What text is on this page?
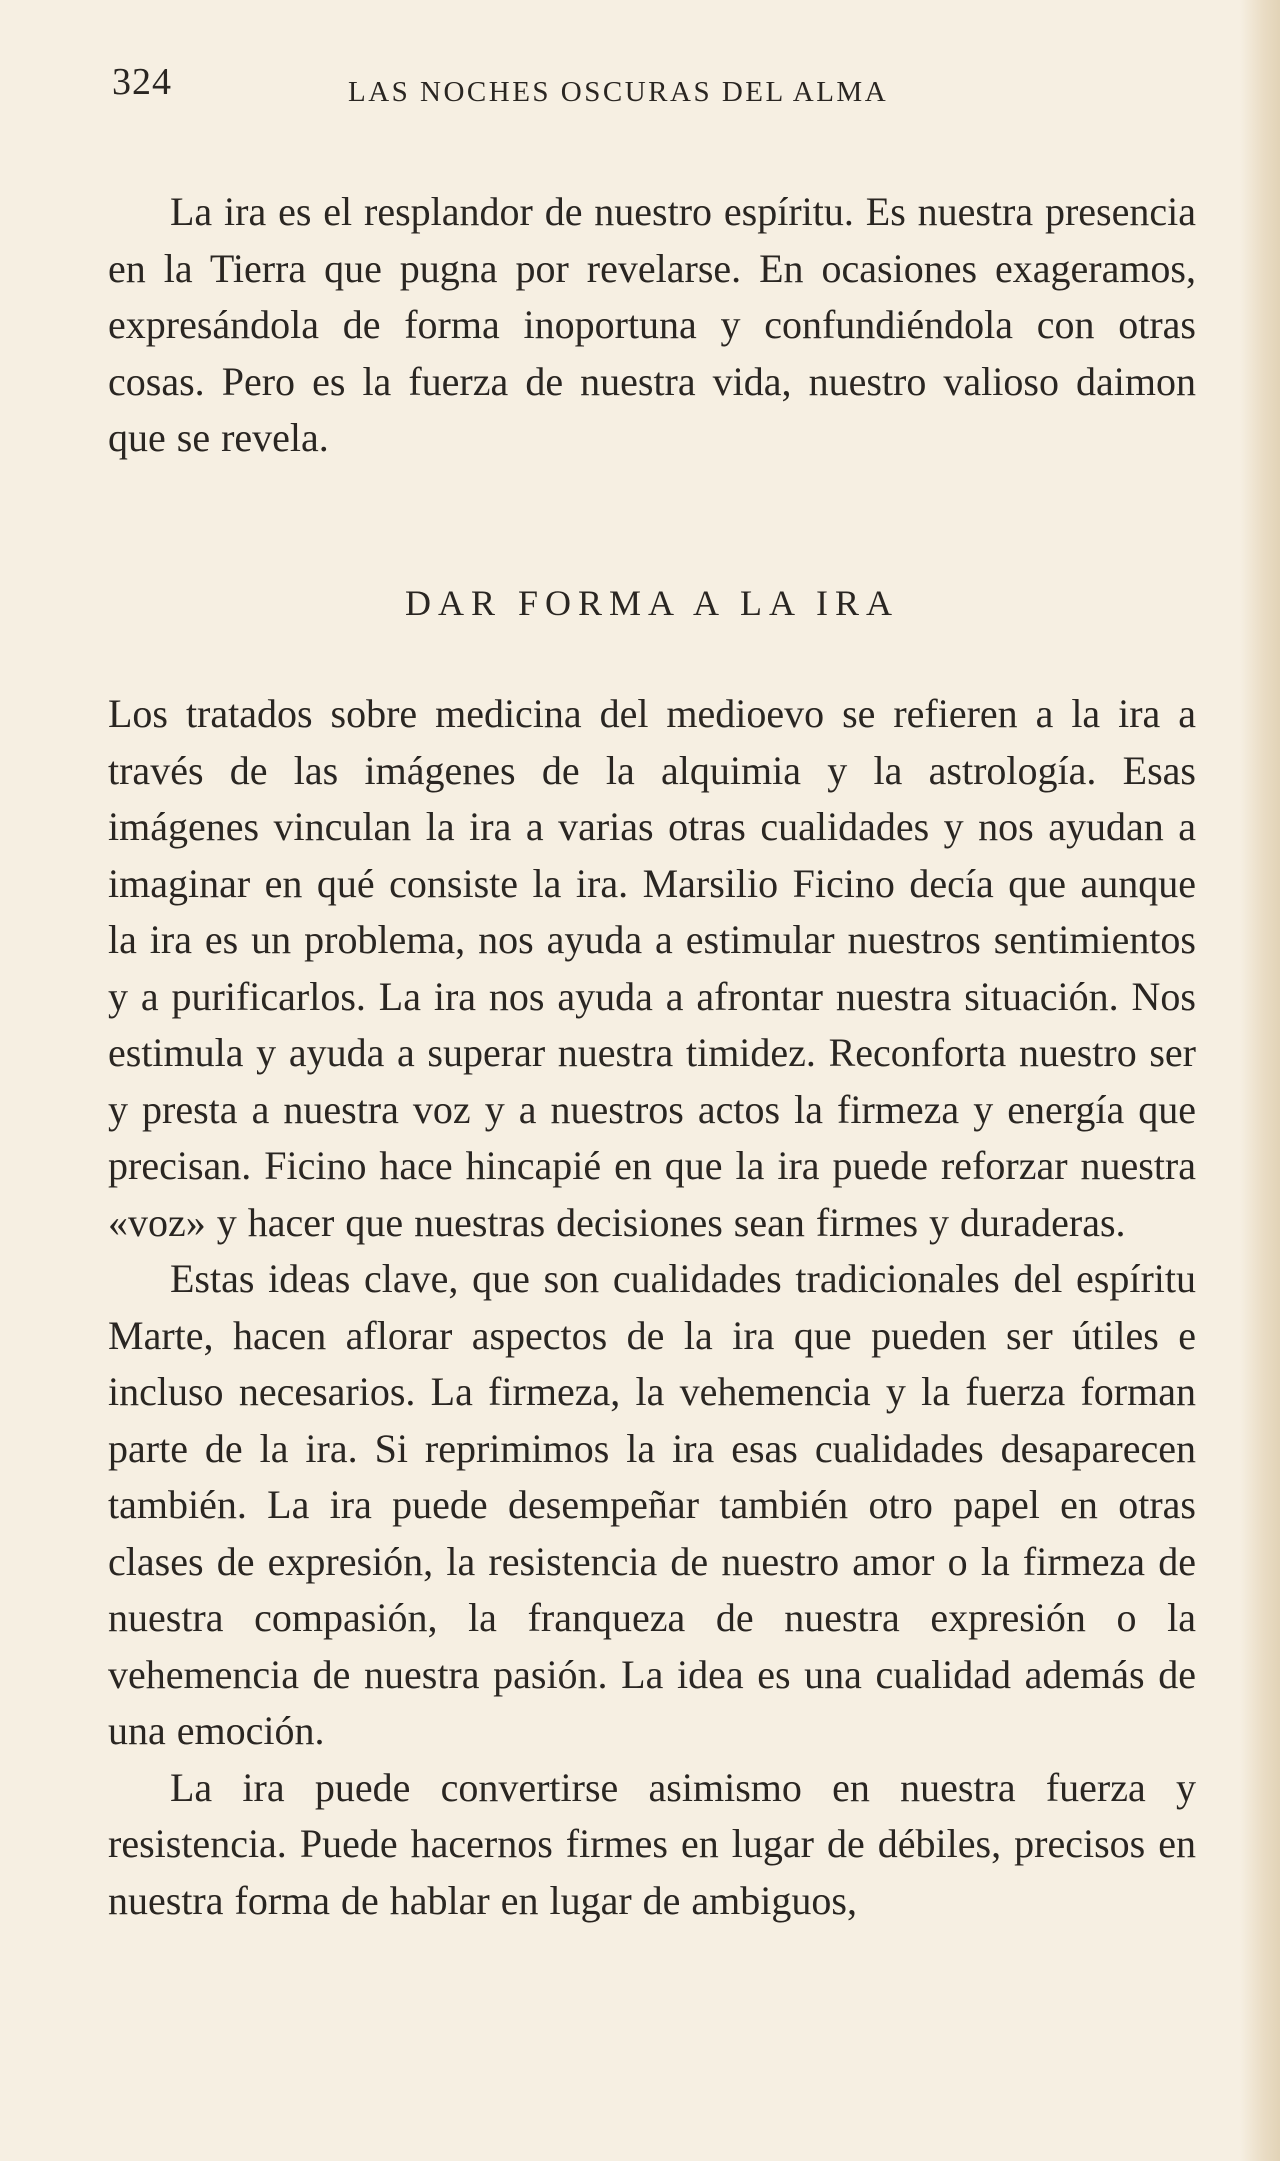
324	LAS NOCHES OSCURAS DEL ALMA

La ira es el resplandor de nuestro espíritu. Es nuestra presencia en la Tierra que pugna por revelarse. En ocasiones exageramos, expresándola de forma inoportuna y confundiéndola con otras cosas. Pero es la fuerza de nuestra vida, nuestro valioso daimon que se revela.

DAR FORMA A LA IRA

Los tratados sobre medicina del medioevo se refieren a la ira a través de las imágenes de la alquimia y la astrología. Esas imágenes vinculan la ira a varias otras cualidades y nos ayudan a imaginar en qué consiste la ira. Marsilio Ficino decía que aunque la ira es un problema, nos ayuda a estimular nuestros sentimientos y a purificarlos. La ira nos ayuda a afrontar nuestra situación. Nos estimula y ayuda a superar nuestra timidez. Reconforta nuestro ser y presta a nuestra voz y a nuestros actos la firmeza y energía que precisan. Ficino hace hincapié en que la ira puede reforzar nuestra «voz» y hacer que nuestras decisiones sean firmes y duraderas.

Estas ideas clave, que son cualidades tradicionales del espíritu Marte, hacen aflorar aspectos de la ira que pueden ser útiles e incluso necesarios. La firmeza, la vehemencia y la fuerza forman parte de la ira. Si reprimimos la ira esas cualidades desaparecen también. La ira puede desempeñar también otro papel en otras clases de expresión, la resistencia de nuestro amor o la firmeza de nuestra compasión, la franqueza de nuestra expresión o la vehemencia de nuestra pasión. La idea es una cualidad además de una emoción.

La ira puede convertirse asimismo en nuestra fuerza y resistencia. Puede hacernos firmes en lugar de débiles, precisos en nuestra forma de hablar en lugar de ambiguos,
